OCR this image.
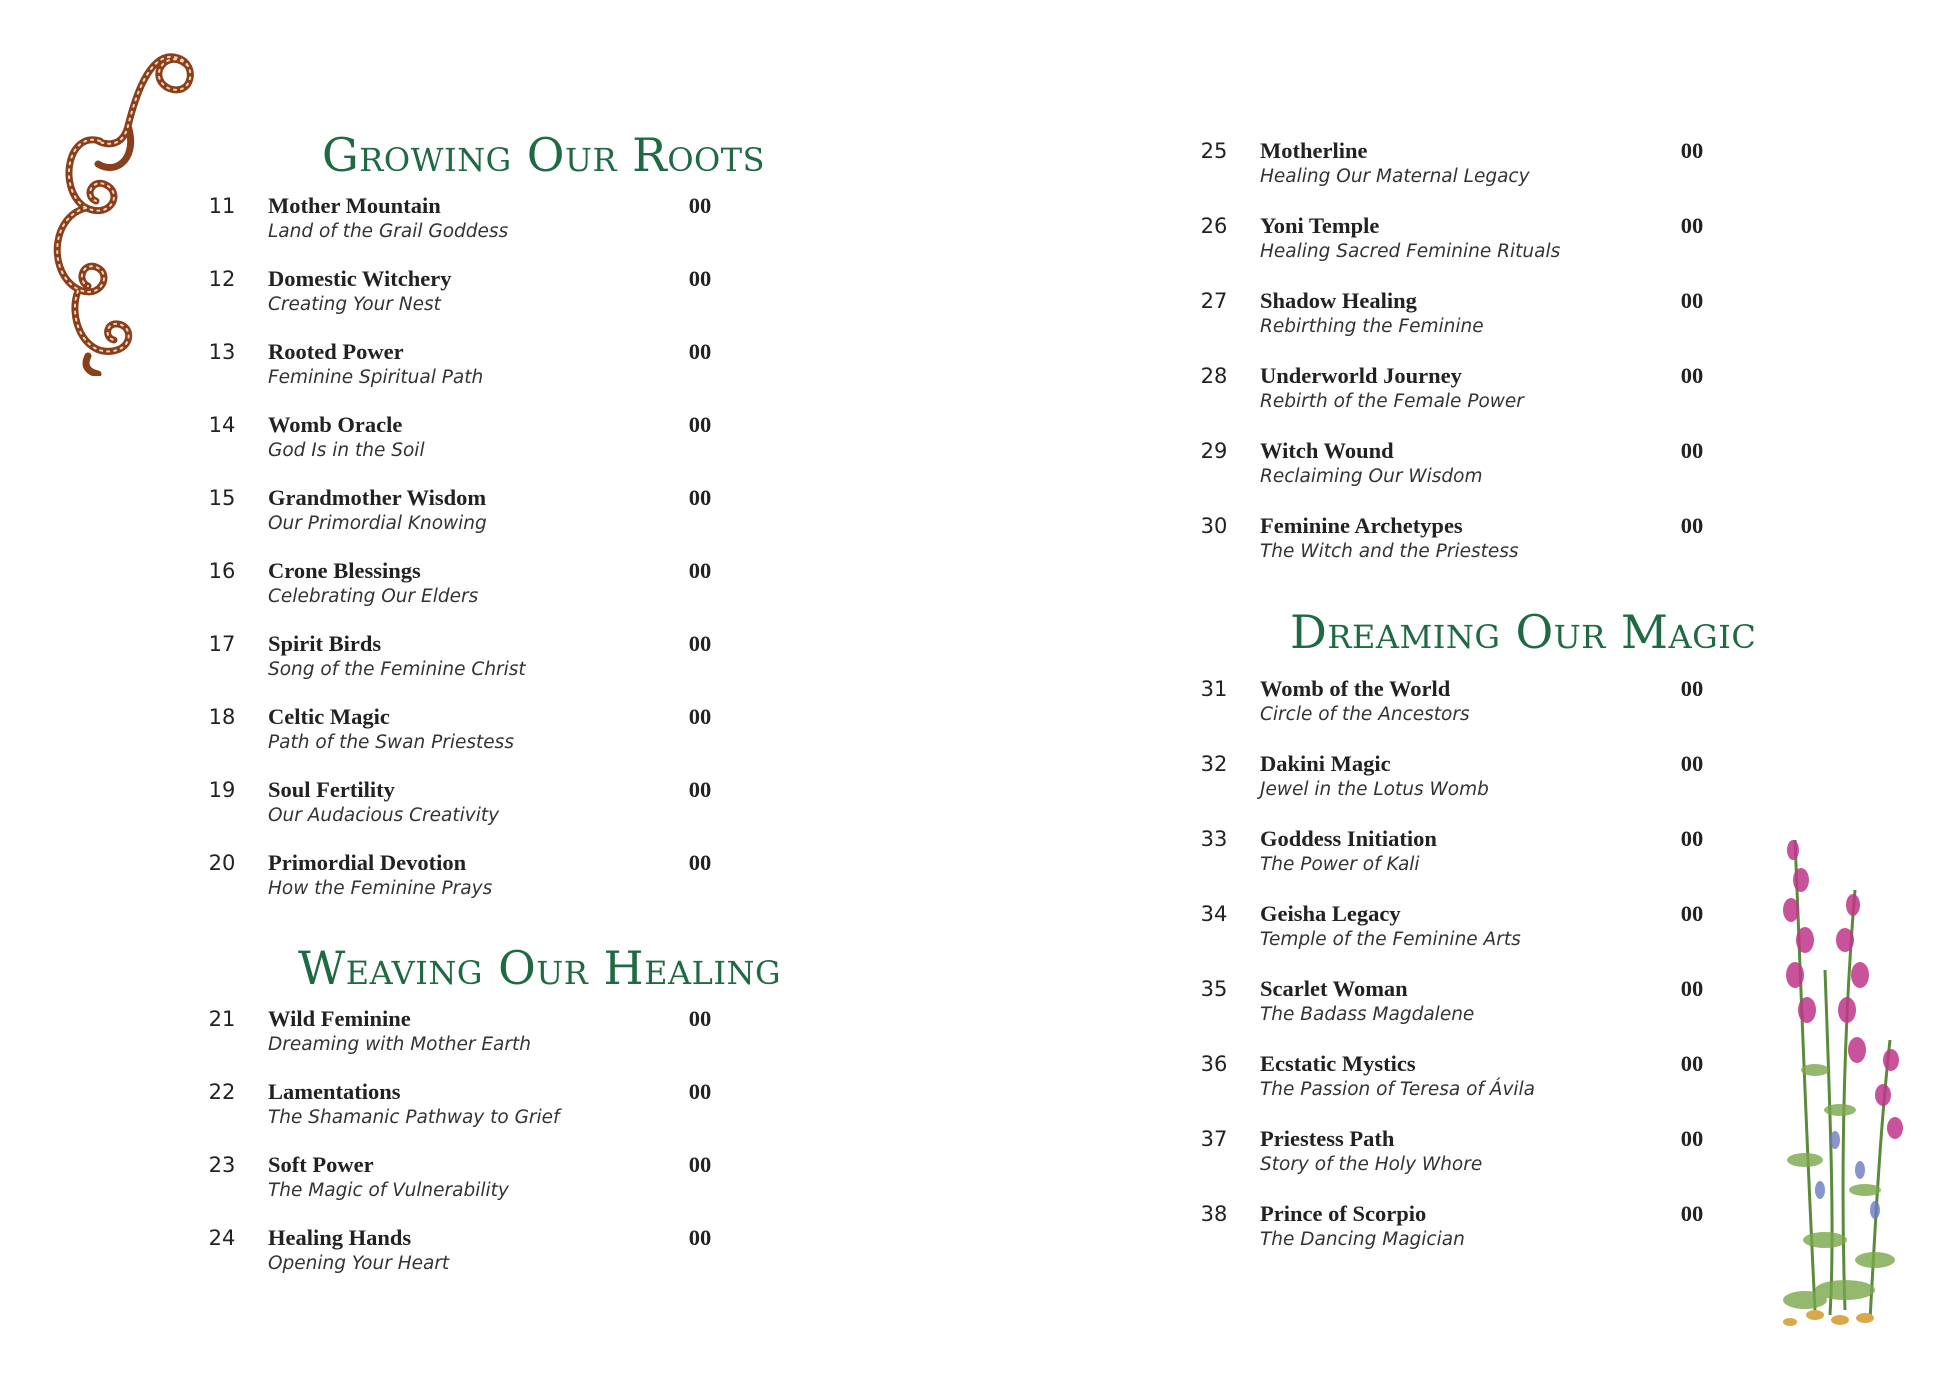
Growing Our Roots
11	Mother Mountain
Land of the Grail Goddess
00
12	Domestic Witchery
Creating Your Nest
00
13	Rooted Power
Feminine Spiritual Path
00
14	Womb Oracle
God Is in the Soil
00
15	Grandmother Wisdom
Our Primordial Knowing
00
16	Crone Blessings
Celebrating Our Elders
00
17	Spirit Birds
Song of the Feminine Christ
00
18	Celtic Magic
Path of the Swan Priestess
00
19	Soul Fertility
Our Audacious Creativity
00
20	Primordial Devotion
How the Feminine Prays
00
Weaving Our Healing
21	Wild Feminine
Dreaming with Mother Earth
00
22	Lamentations
The Shamanic Pathway to Grief
00
23	Soft Power
The Magic of Vulnerability
00
24	Healing Hands
Opening Your Heart
00
25	Motherline
Healing Our Maternal Legacy
00
26	Yoni Temple
Healing Sacred Feminine Rituals
00
27	Shadow Healing
Rebirthing the Feminine
00
28	Underworld Journey
Rebirth of the Female Power
00
29	Witch Wound
Reclaiming Our Wisdom
00
30	Feminine Archetypes
The Witch and the Priestess
00
Dreaming Our Magic
31	Womb of the World
Circle of the Ancestors
00
32	Dakini Magic
Jewel in the Lotus Womb
00
33	Goddess Initiation
The Power of Kali
00
34	Geisha Legacy
Temple of the Feminine Arts
00
35	Scarlet Woman
The Badass Magdalene
00
36	Ecstatic Mystics
The Passion of Teresa of Ávila
00
37	Priestess Path
Story of the Holy Whore
00
38	Prince of Scorpio
The Dancing Magician
00
